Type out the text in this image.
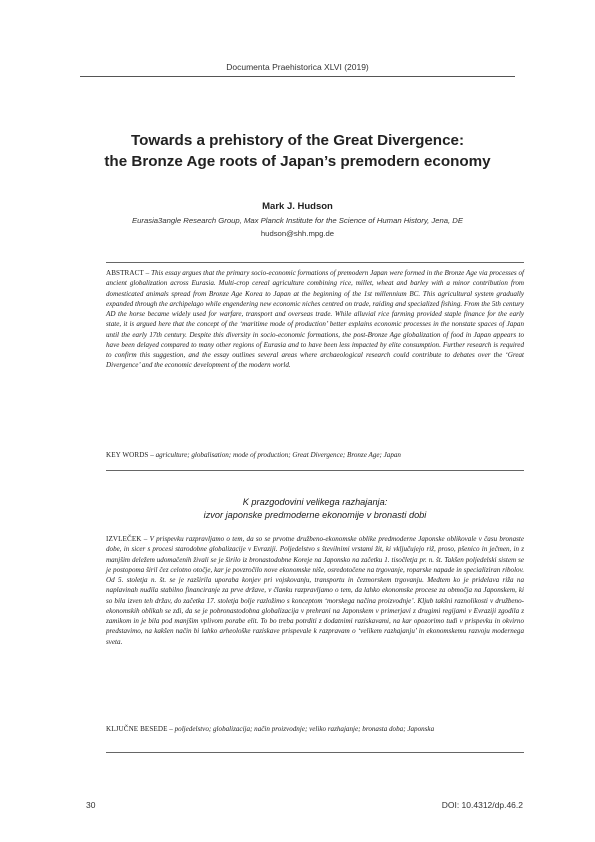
Documenta Praehistorica XLVI (2019)
Towards a prehistory of the Great Divergence:
the Bronze Age roots of Japan’s premodern economy
Mark J. Hudson
Eurasia3angle Research Group, Max Planck Institute for the Science of Human History, Jena, DE
hudson@shh.mpg.de
ABSTRACT – This essay argues that the primary socio-economic formations of premodern Japan were formed in the Bronze Age via processes of ancient globalization across Eurasia. Multi-crop cereal agriculture combining rice, millet, wheat and barley with a minor contribution from domesticated animals spread from Bronze Age Korea to Japan at the beginning of the 1st millennium BC. This agricultural system gradually expanded through the archipelago while engendering new economic niches centred on trade, raiding and specialized fishing. From the 5th century AD the horse became widely used for warfare, transport and overseas trade. While alluvial rice farming provided staple finance for the early state, it is argued here that the concept of the ‘maritime mode of production’ better explains economic processes in the nonstate spaces of Japan until the early 17th century. Despite this diversity in socio-economic formations, the post-Bronze Age globalization of food in Japan appears to have been delayed compared to many other regions of Eurasia and to have been less impacted by elite consumption. Further research is required to confirm this suggestion, and the essay outlines several areas where archaeological research could contribute to debates over the ‘Great Divergence’ and the economic development of the modern world.
KEY WORDS – agriculture; globalisation; mode of production; Great Divergence; Bronze Age; Japan
K prazgodovini velikega razhajanja:
izvor japonske predmoderne ekonomije v bronasti dobi
IZVLEČEK – V prispevku razpravljamo o tem, da so se prvotne družbeno-ekonomske oblike predmoderne Japonske oblikovale v času bronaste dobe, in sicer s procesi starodobne globalizacije v Evraziji. Poljedelstvo s številnimi vrstami žit, ki vključujejo riž, proso, pšenico in ječmen, in z manjšim deležem udomačenih živali se je širilo iz bronastodobne Koreje na Japonsko na začetku 1. tisočletja pr. n. št. Takšen poljedelski sistem se je postopoma širil čez celotno otočje, kar je povzročilo nove ekonomske niše, osredotočene na trgovanje, roparske napade in specializiran ribolov. Od 5. stoletja n. št. se je razširila uporaba konjev pri vojskovanju, transportu in čezmorskem trgovanju. Medtem ko je pridelava riža na naplavinah nudila stabilno financiranje za prve države, v članku razpravljamo o tem, da lahko ekonomske procese za območja na Japonskem, ki so bila izven teh držav, do začetka 17. stoletja bolje razložimo s konceptom ‘morskega načina proizvodnje’. Kljub takšni raznolikosti v družbeno-ekonomskih oblikah se zdi, da se je pobronastodobna globalizacija v prehrani na Japonskem v primerjavi z drugimi regijami v Evraziji zgodila z zamikom in je bila pod manjšim vplivom porabe elit. To bo treba potrditi z dodatnimi raziskavami, na kar opozorimo tudi v prispevku in okvirno predstavimo, na kakšen način bi lahko arheološke raziskave prispevale k razpravam o ‘velikem razhajanju’ in ekonomskemu razvoju modernega sveta.
KLJUČNE BESEDE – poljedelstvo; globalizacija; način proizvodnje; veliko razhajanje; bronasta doba; Japonska
30	DOI: 10.4312/dp.46.2
